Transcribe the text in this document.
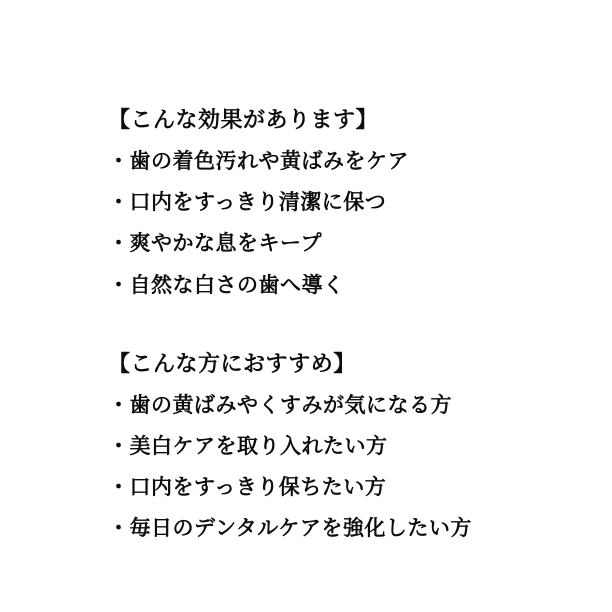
【こんな効果があります】

・歯の着色汚れや黄ばみをケア

・口内をすっきり清潔に保つ

・爽やかな息をキープ

・自然な白さの歯へ導く

【こんな方におすすめ】

・歯の黄ばみやくすみが気になる方

・美白ケアを取り入れたい方

・口内をすっきり保ちたい方

・毎日のデンタルケアを強化したい方
